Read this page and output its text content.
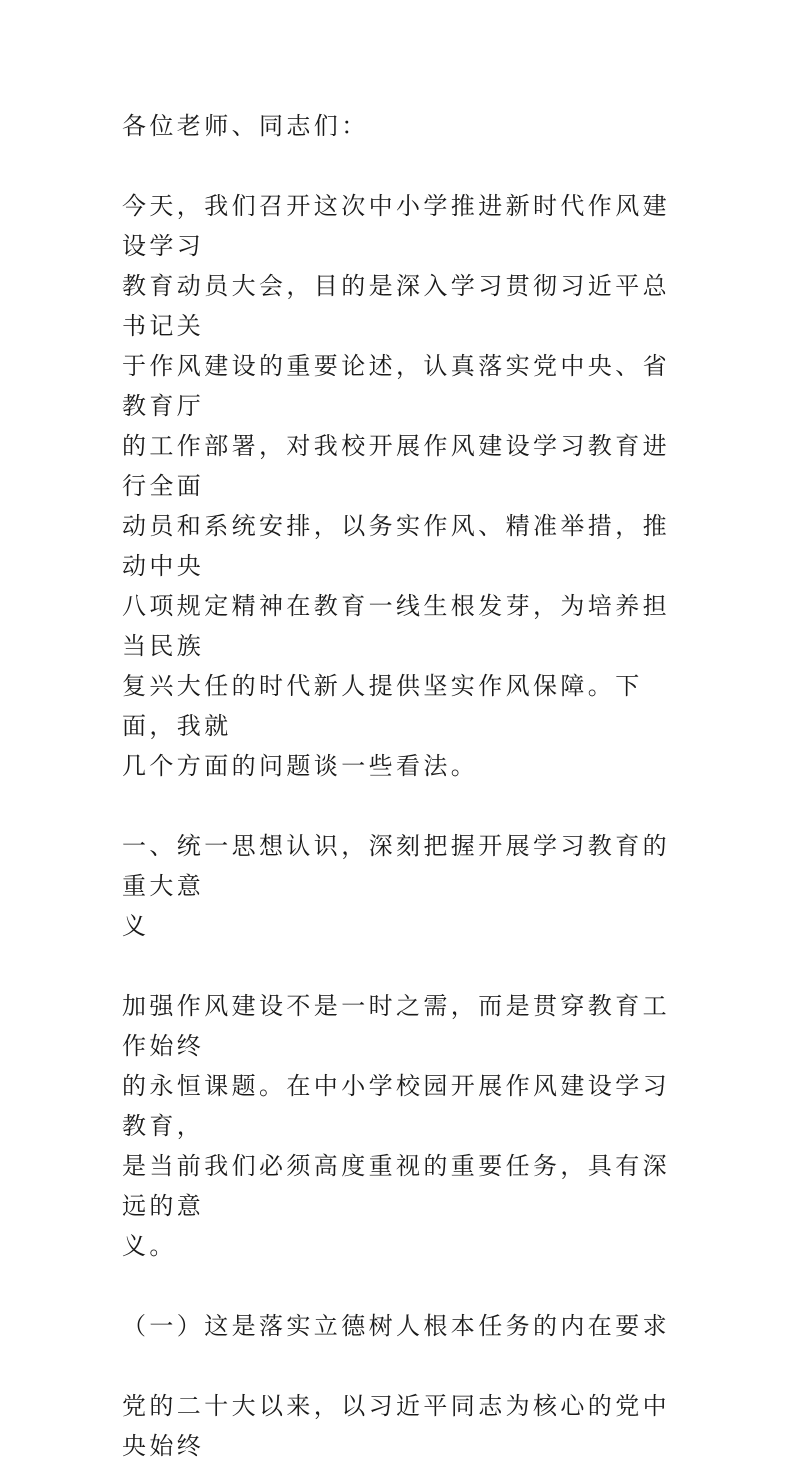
各位老师、同志们：

今天，我们召开这次中小学推进新时代作风建设学习

教育动员大会，目的是深入学习贯彻习近平总书记关

于作风建设的重要论述，认真落实党中央、省教育厅

的工作部署，对我校开展作风建设学习教育进行全面

动员和系统安排，以务实作风、精准举措，推动中央

八项规定精神在教育一线生根发芽，为培养担当民族

复兴大任的时代新人提供坚实作风保障。下面，我就

几个方面的问题谈一些看法。

一、统一思想认识，深刻把握开展学习教育的重大意

义

加强作风建设不是一时之需，而是贯穿教育工作始终

的永恒课题。在中小学校园开展作风建设学习教育，

是当前我们必须高度重视的重要任务，具有深远的意

义。

（一）这是落实立德树人根本任务的内在要求

党的二十大以来，以习近平同志为核心的党中央始终
